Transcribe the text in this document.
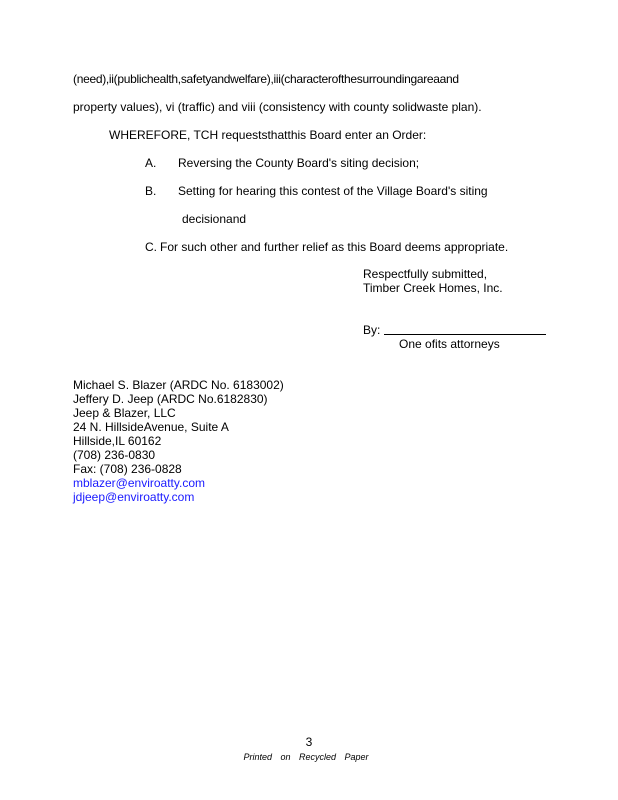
(need),ii(publichealth,safetyandwelfare),iii(characterofthesurroundingareaand
property values), vi (traffic) and viii (consistency with county solidwaste plan).
WHEREFORE, TCH requeststhatthis Board enter an Order:
A. Reversing the County Board's siting decision;
B. Setting for hearing this contest of the Village Board's siting
decisionand
C. For such other and further relief as this Board deems appropriate.
Respectfully submitted,
Timber Creek Homes, Inc.
By:
One ofits attorneys
Michael S. Blazer (ARDC No. 6183002)
Jeffery D. Jeep (ARDC No.6182830)
Jeep & Blazer, LLC
24 N. HillsideAvenue, Suite A
Hillside,IL 60162
(708) 236-0830
Fax: (708) 236-0828
mblazer@enviroatty.com
jdjeep@enviroatty.com
3
Printed on Recycled Paper
